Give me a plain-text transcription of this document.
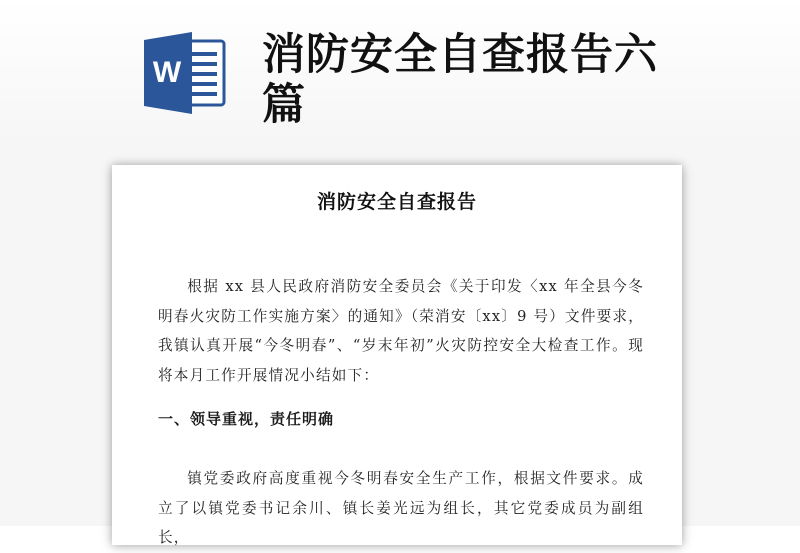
W 消防安全自查报告六篇
消防安全自查报告
根据 xx 县人民政府消防安全委员会《关于印发〈xx 年全县今冬明春火灾防工作实施方案〉的通知》（荣消安〔xx〕9 号）文件要求，我镇认真开展“今冬明春”、“岁末年初”火灾防控安全大检查工作。现将本月工作开展情况小结如下：
一、领导重视，责任明确
镇党委政府高度重视今冬明春安全生产工作，根据文件要求。成立了以镇党委书记余川、镇长姜光远为组长，其它党委成员为副组长，
